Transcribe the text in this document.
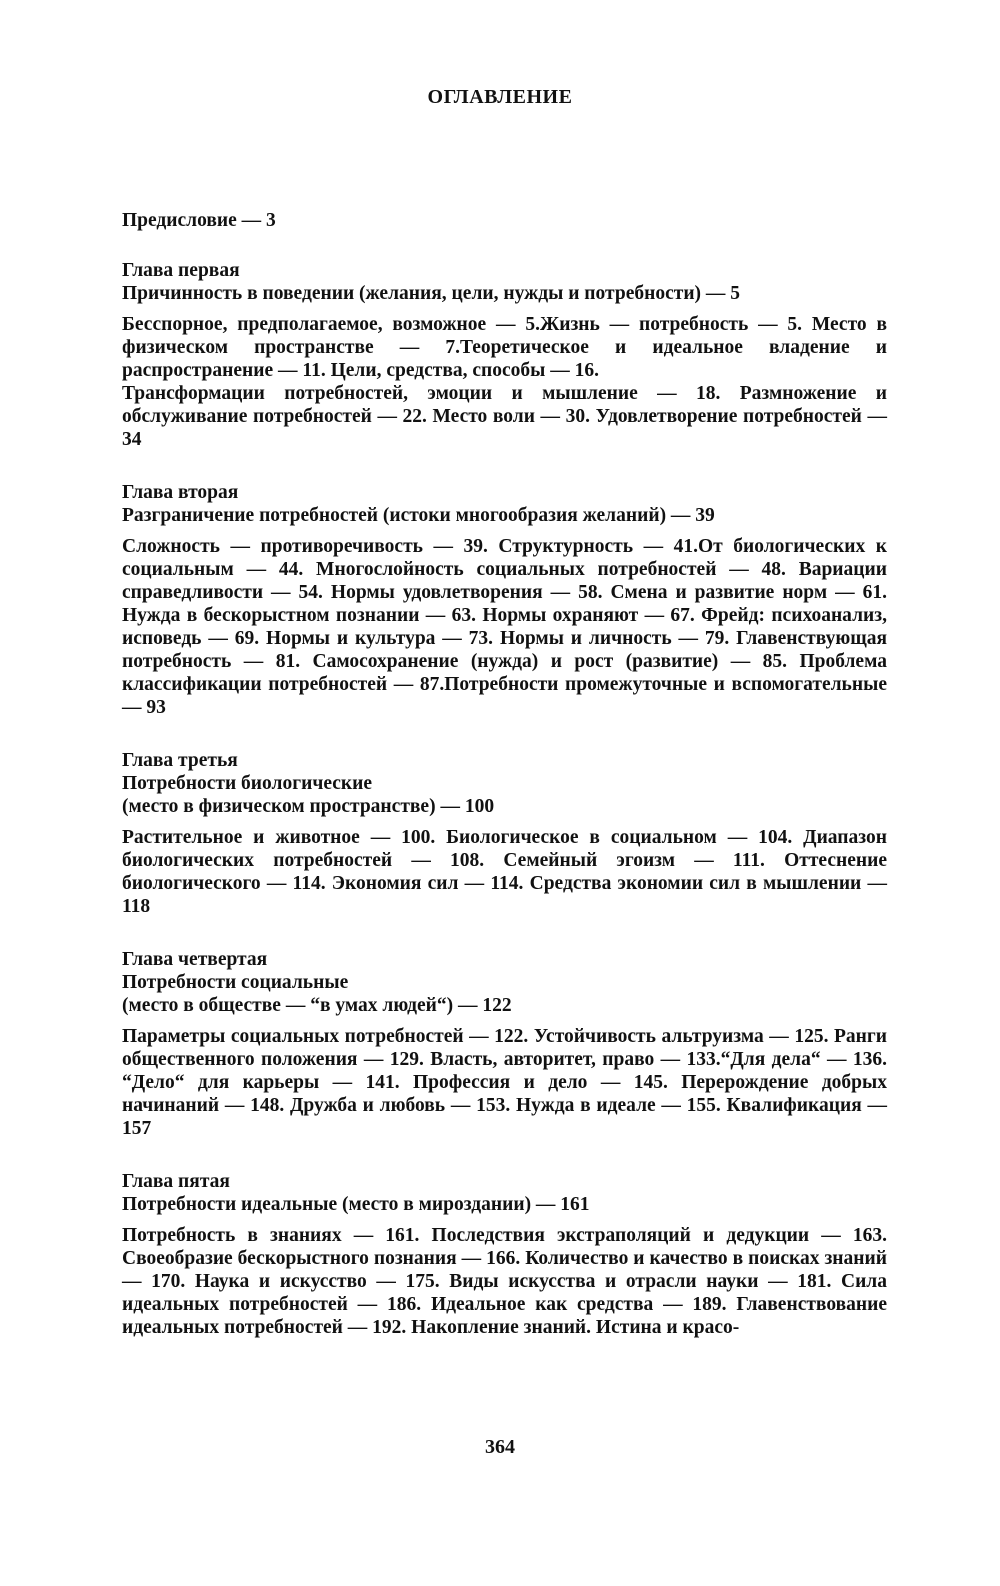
ОГЛАВЛЕНИЕ
Предисловие — 3
Глава первая
Причинность в поведении (желания, цели, нужды и потребности) — 5
Бесспорное, предполагаемое, возможное — 5.Жизнь — потребность — 5. Место в физическом пространстве — 7.Теоретическое и идеальное владение и распространение — 11. Цели, средства, способы — 16.
Трансформации потребностей, эмоции и мышление — 18. Размножение и обслуживание потребностей — 22. Место воли — 30. Удовлетворение потребностей — 34
Глава вторая
Разграничение потребностей (истоки многообразия желаний) — 39
Сложность — противоречивость — 39. Структурность — 41.От биологических к социальным — 44. Многослойность социальных потребностей — 48. Вариации справедливости — 54. Нормы удовлетворения — 58. Смена и развитие норм — 61. Нужда в бескорыстном познании — 63. Нормы охраняют — 67. Фрейд: психоанализ, исповедь — 69. Нормы и культура — 73. Нормы и личность — 79. Главенствующая потребность — 81. Самосохранение (нужда) и рост (развитие) — 85. Проблема классификации потребностей — 87.Потребности промежуточные и вспомогательные — 93
Глава третья
Потребности биологические
(место в физическом пространстве) — 100
Растительное и животное — 100. Биологическое в социальном — 104. Диапазон биологических потребностей — 108. Семейный эгоизм — 111. Оттеснение биологического — 114. Экономия сил — 114. Средства экономии сил в мышлении — 118
Глава четвертая
Потребности социальные
(место в обществе — “в умах людей“) — 122
Параметры социальных потребностей — 122. Устойчивость альтруизма — 125. Ранги общественного положения — 129. Власть, авторитет, право — 133.“Для дела“ — 136. “Дело“ для карьеры — 141. Профессия и дело — 145. Перерождение добрых начинаний — 148. Дружба и любовь — 153. Нужда в идеале — 155. Квалификация — 157
Глава пятая
Потребности идеальные (место в мироздании) — 161
Потребность в знаниях — 161. Последствия экстраполяций и дедукции — 163. Своеобразие бескорыстного познания — 166. Количество и качество в поисках знаний — 170. Наука и искусство — 175. Виды искусства и отрасли науки — 181. Сила идеальных потребностей — 186. Идеальное как средства — 189. Главенствование идеальных потребностей — 192. Накопление знаний. Истина и красо-
364
